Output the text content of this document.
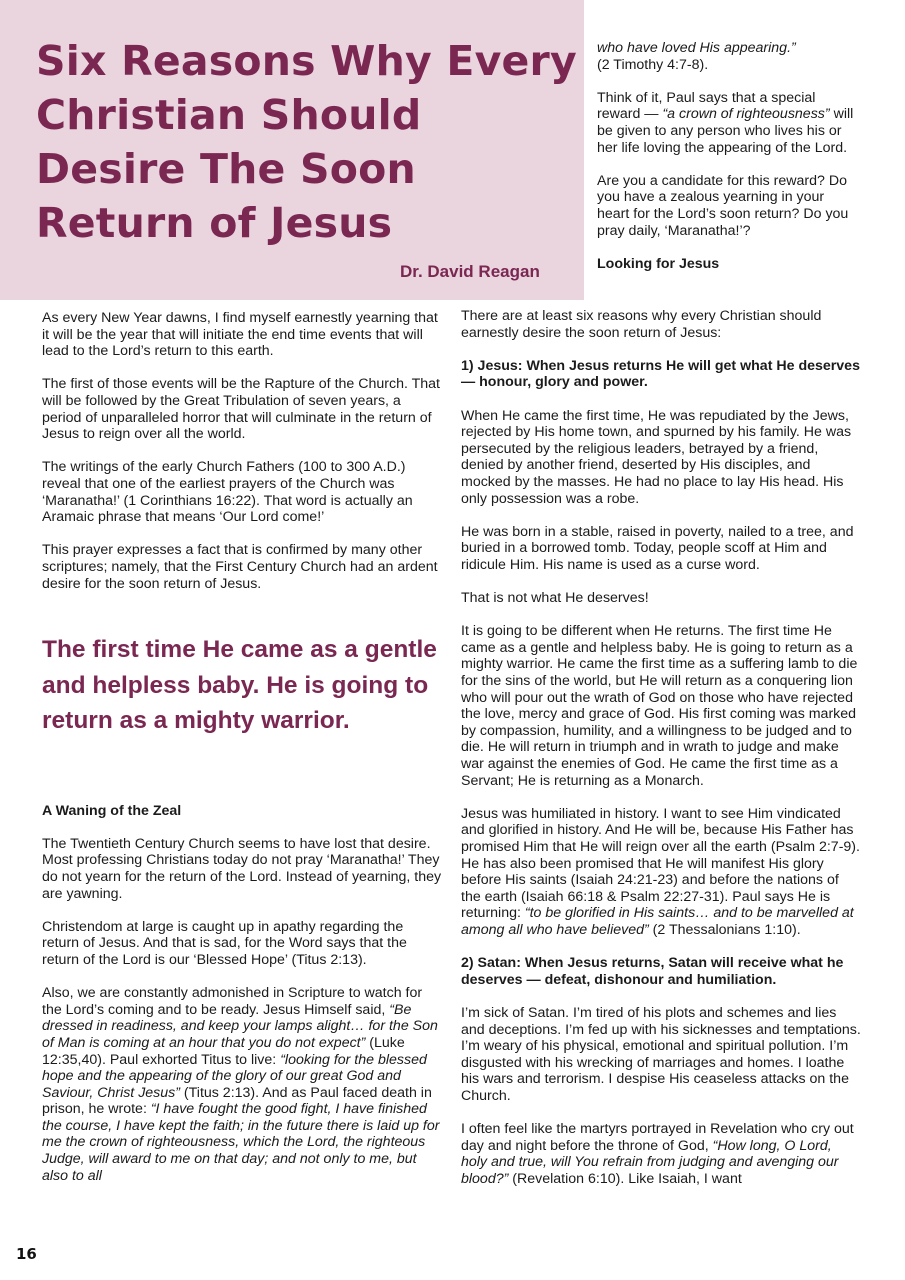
Six Reasons Why Every Christian Should Desire The Soon Return of Jesus

Dr. David Reagan

who have loved His appearing.”
(2 Timothy 4:7-8).

Think of it, Paul says that a special reward — “a crown of righteousness” will be given to any person who lives his or her life loving the appearing of the Lord.

Are you a candidate for this reward? Do you have a zealous yearning in your heart for the Lord’s soon return? Do you pray daily, ‘Maranatha!’?

Looking for Jesus

As every New Year dawns, I find myself earnestly yearning that it will be the year that will initiate the end time events that will lead to the Lord’s return to this earth.

The first of those events will be the Rapture of the Church. That will be followed by the Great Tribulation of seven years, a period of unparalleled horror that will culminate in the return of Jesus to reign over all the world.

The writings of the early Church Fathers (100 to 300 A.D.) reveal that one of the earliest prayers of the Church was ‘Maranatha!’ (1 Corinthians 16:22). That word is actually an Aramaic phrase that means ‘Our Lord come!’

This prayer expresses a fact that is confirmed by many other scriptures; namely, that the First Century Church had an ardent desire for the soon return of Jesus.

The first time He came as a gentle and helpless baby. He is going to return as a mighty warrior.

A Waning of the Zeal

The Twentieth Century Church seems to have lost that desire. Most professing Christians today do not pray ‘Maranatha!’ They do not yearn for the return of the Lord. Instead of yearning, they are yawning.

Christendom at large is caught up in apathy regarding the return of Jesus. And that is sad, for the Word says that the return of the Lord is our ‘Blessed Hope’ (Titus 2:13).

Also, we are constantly admonished in Scripture to watch for the Lord’s coming and to be ready. Jesus Himself said, “Be dressed in readiness, and keep your lamps alight… for the Son of Man is coming at an hour that you do not expect” (Luke 12:35,40). Paul exhorted Titus to live: “looking for the blessed hope and the appearing of the glory of our great God and Saviour, Christ Jesus” (Titus 2:13). And as Paul faced death in prison, he wrote: “I have fought the good fight, I have finished the course, I have kept the faith; in the future there is laid up for me the crown of righteousness, which the Lord, the righteous Judge, will award to me on that day; and not only to me, but also to all

There are at least six reasons why every Christian should earnestly desire the soon return of Jesus:

1) Jesus: When Jesus returns He will get what He deserves — honour, glory and power.

When He came the first time, He was repudiated by the Jews, rejected by His home town, and spurned by his family. He was persecuted by the religious leaders, betrayed by a friend, denied by another friend, deserted by His disciples, and mocked by the masses. He had no place to lay His head. His only possession was a robe.

He was born in a stable, raised in poverty, nailed to a tree, and buried in a borrowed tomb. Today, people scoff at Him and ridicule Him. His name is used as a curse word.

That is not what He deserves!

It is going to be different when He returns. The first time He came as a gentle and helpless baby. He is going to return as a mighty warrior. He came the first time as a suffering lamb to die for the sins of the world, but He will return as a conquering lion who will pour out the wrath of God on those who have rejected the love, mercy and grace of God. His first coming was marked by compassion, humility, and a willingness to be judged and to die. He will return in triumph and in wrath to judge and make war against the enemies of God. He came the first time as a Servant; He is returning as a Monarch.

Jesus was humiliated in history. I want to see Him vindicated and glorified in history. And He will be, because His Father has promised Him that He will reign over all the earth (Psalm 2:7-9). He has also been promised that He will manifest His glory before His saints (Isaiah 24:21-23) and before the nations of the earth (Isaiah 66:18 & Psalm 22:27-31). Paul says He is returning: “to be glorified in His saints… and to be marvelled at among all who have believed” (2 Thessalonians 1:10).

2) Satan: When Jesus returns, Satan will receive what he deserves — defeat, dishonour and humiliation.

I’m sick of Satan. I’m tired of his plots and schemes and lies and deceptions. I’m fed up with his sicknesses and temptations. I’m weary of his physical, emotional and spiritual pollution. I’m disgusted with his wrecking of marriages and homes. I loathe his wars and terrorism. I despise His ceaseless attacks on the Church.

I often feel like the martyrs portrayed in Revelation who cry out day and night before the throne of God, “How long, O Lord, holy and true, will You refrain from judging and avenging our blood?” (Revelation 6:10). Like Isaiah, I want

16
